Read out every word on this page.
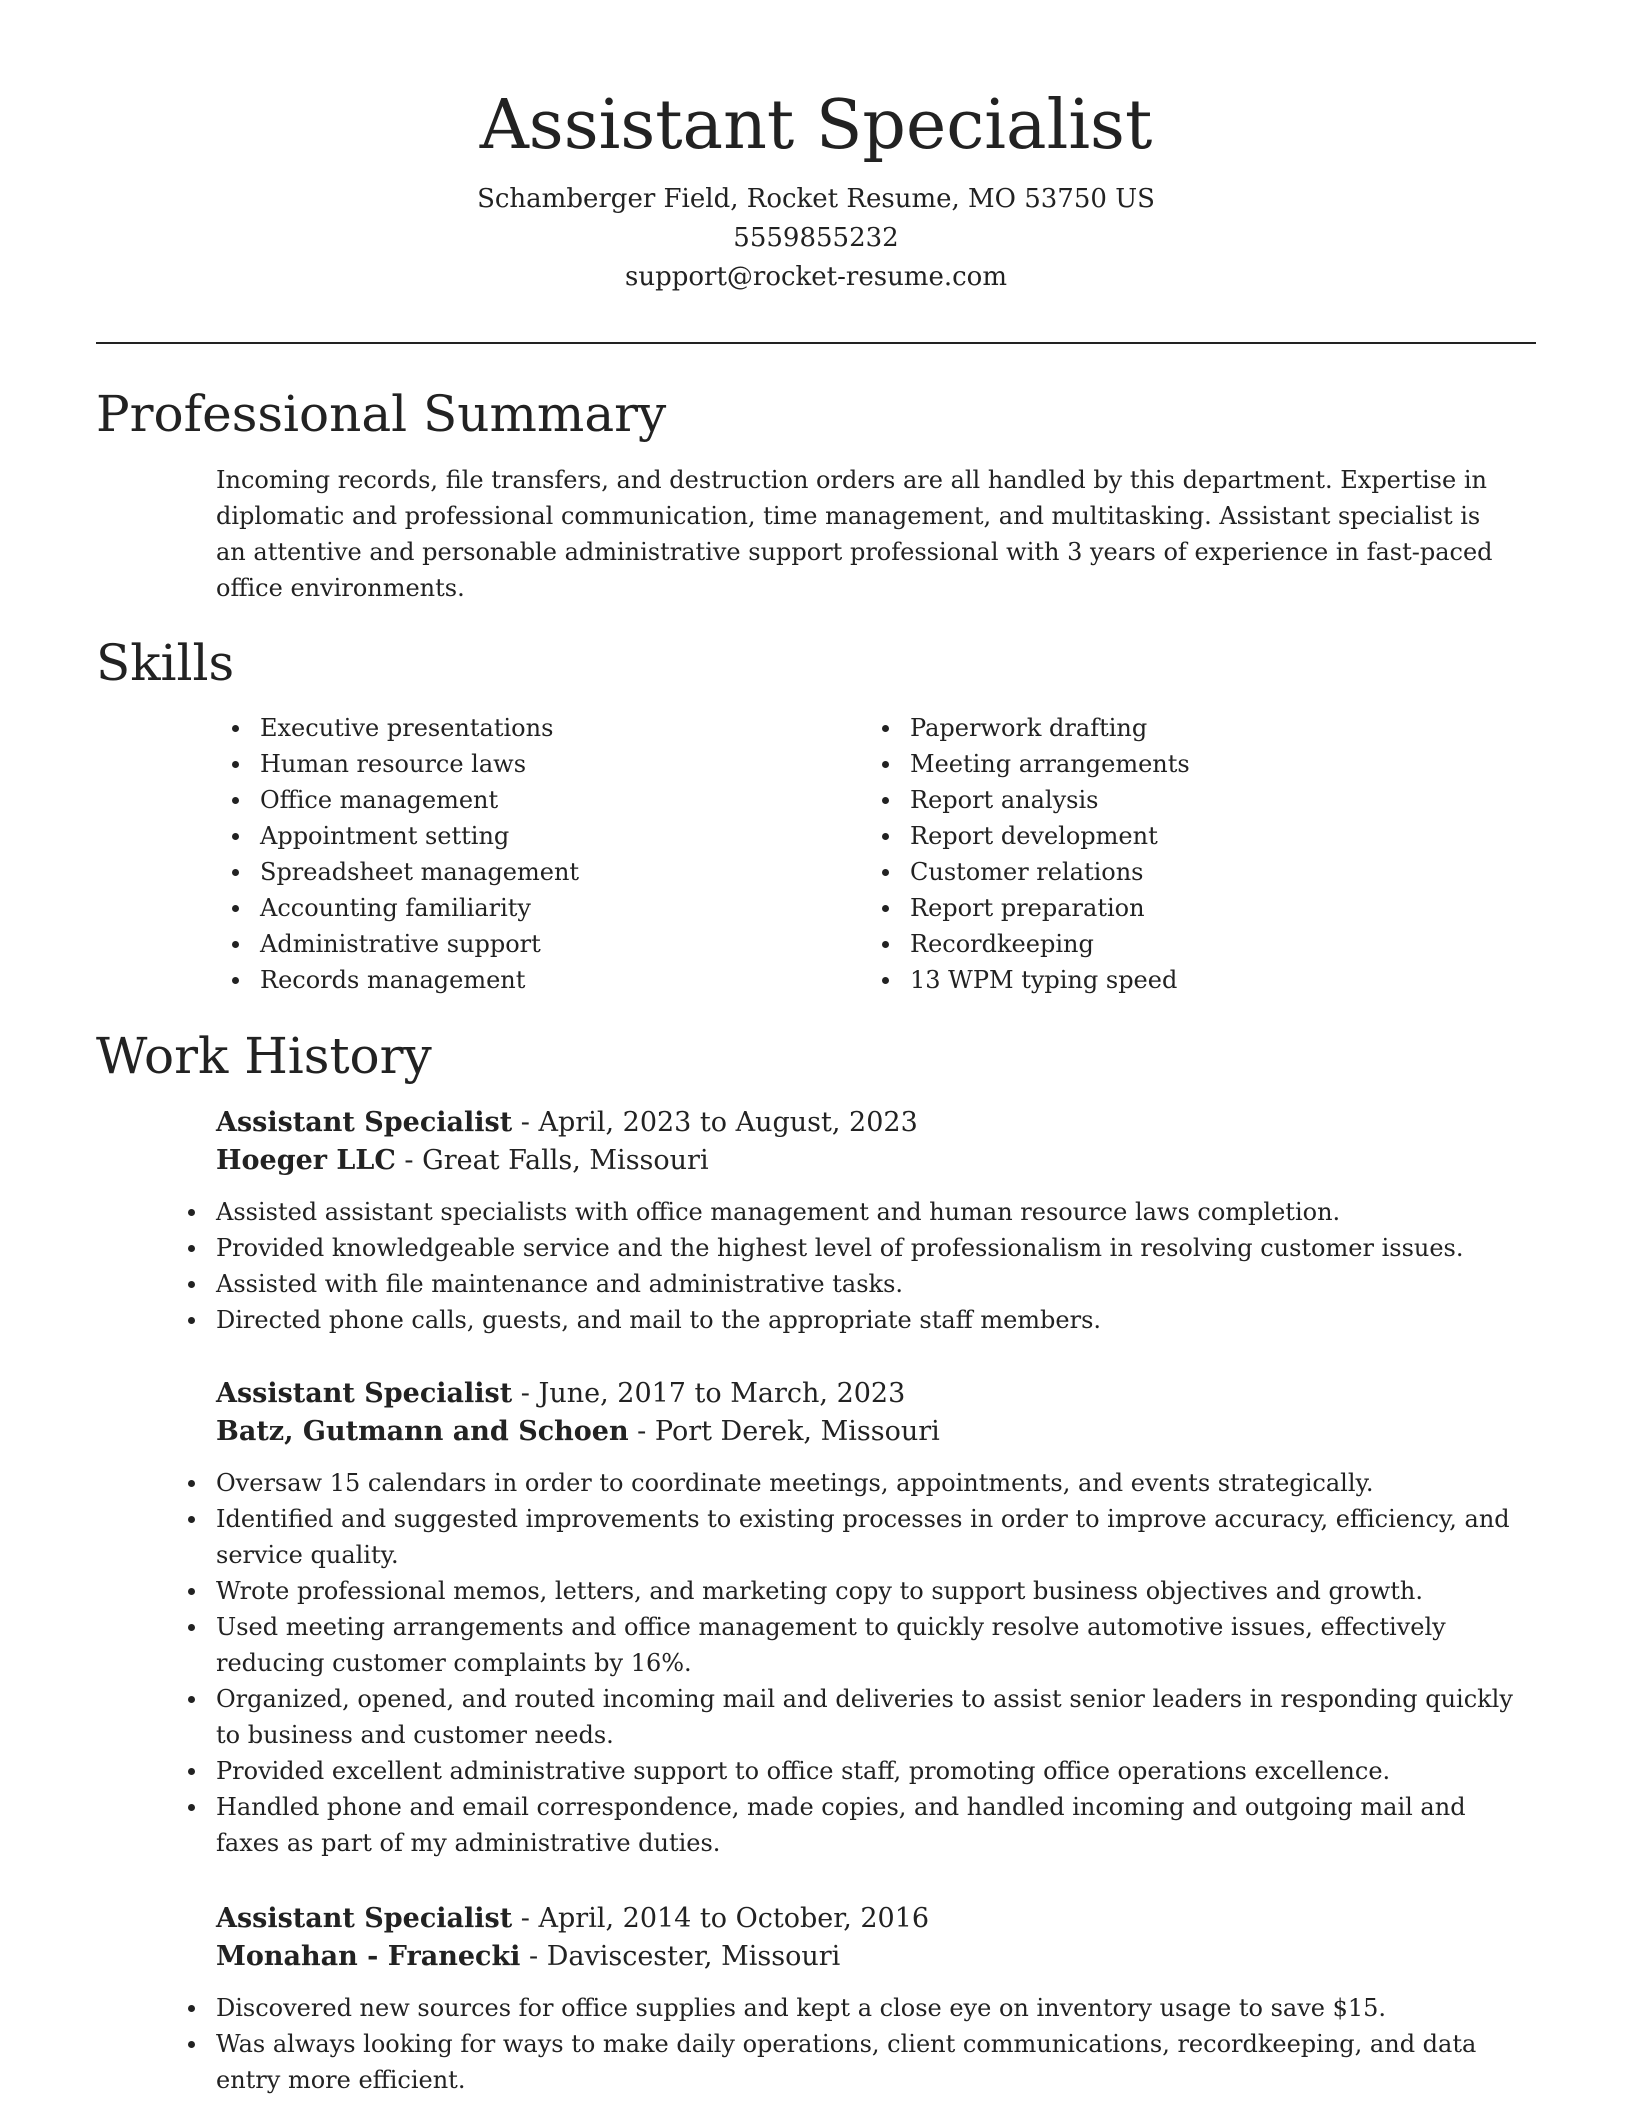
Assistant Specialist

Schamberger Field, Rocket Resume, MO 53750 US

5559855232

support@rocket-resume.com

Professional Summary

Incoming records, file transfers, and destruction orders are all handled by this department. Expertise in diplomatic and professional communication, time management, and multitasking. Assistant specialist is an attentive and personable administrative support professional with 3 years of experience in fast-paced office environments.

Skills
Executive presentations
Human resource laws
Office management
Appointment setting
Spreadsheet management
Accounting familiarity
Administrative support
Records management
Paperwork drafting
Meeting arrangements
Report analysis
Report development
Customer relations
Report preparation
Recordkeeping
13 WPM typing speed
Work History

Assistant Specialist - April, 2023 to August, 2023

Hoeger LLC - Great Falls, Missouri

Assisted assistant specialists with office management and human resource laws completion.
Provided knowledgeable service and the highest level of professionalism in resolving customer issues.
Assisted with file maintenance and administrative tasks.
Directed phone calls, guests, and mail to the appropriate staff members.

Assistant Specialist - June, 2017 to March, 2023

Batz, Gutmann and Schoen - Port Derek, Missouri

Oversaw 15 calendars in order to coordinate meetings, appointments, and events strategically.
Identified and suggested improvements to existing processes in order to improve accuracy, efficiency, and service quality.
Wrote professional memos, letters, and marketing copy to support business objectives and growth.
Used meeting arrangements and office management to quickly resolve automotive issues, effectively reducing customer complaints by 16%.
Organized, opened, and routed incoming mail and deliveries to assist senior leaders in responding quickly to business and customer needs.
Provided excellent administrative support to office staff, promoting office operations excellence.
Handled phone and email correspondence, made copies, and handled incoming and outgoing mail and faxes as part of my administrative duties.

Assistant Specialist - April, 2014 to October, 2016

Monahan - Franecki - Daviscester, Missouri

Discovered new sources for office supplies and kept a close eye on inventory usage to save $15.
Was always looking for ways to make daily operations, client communications, recordkeeping, and data entry more efficient.
